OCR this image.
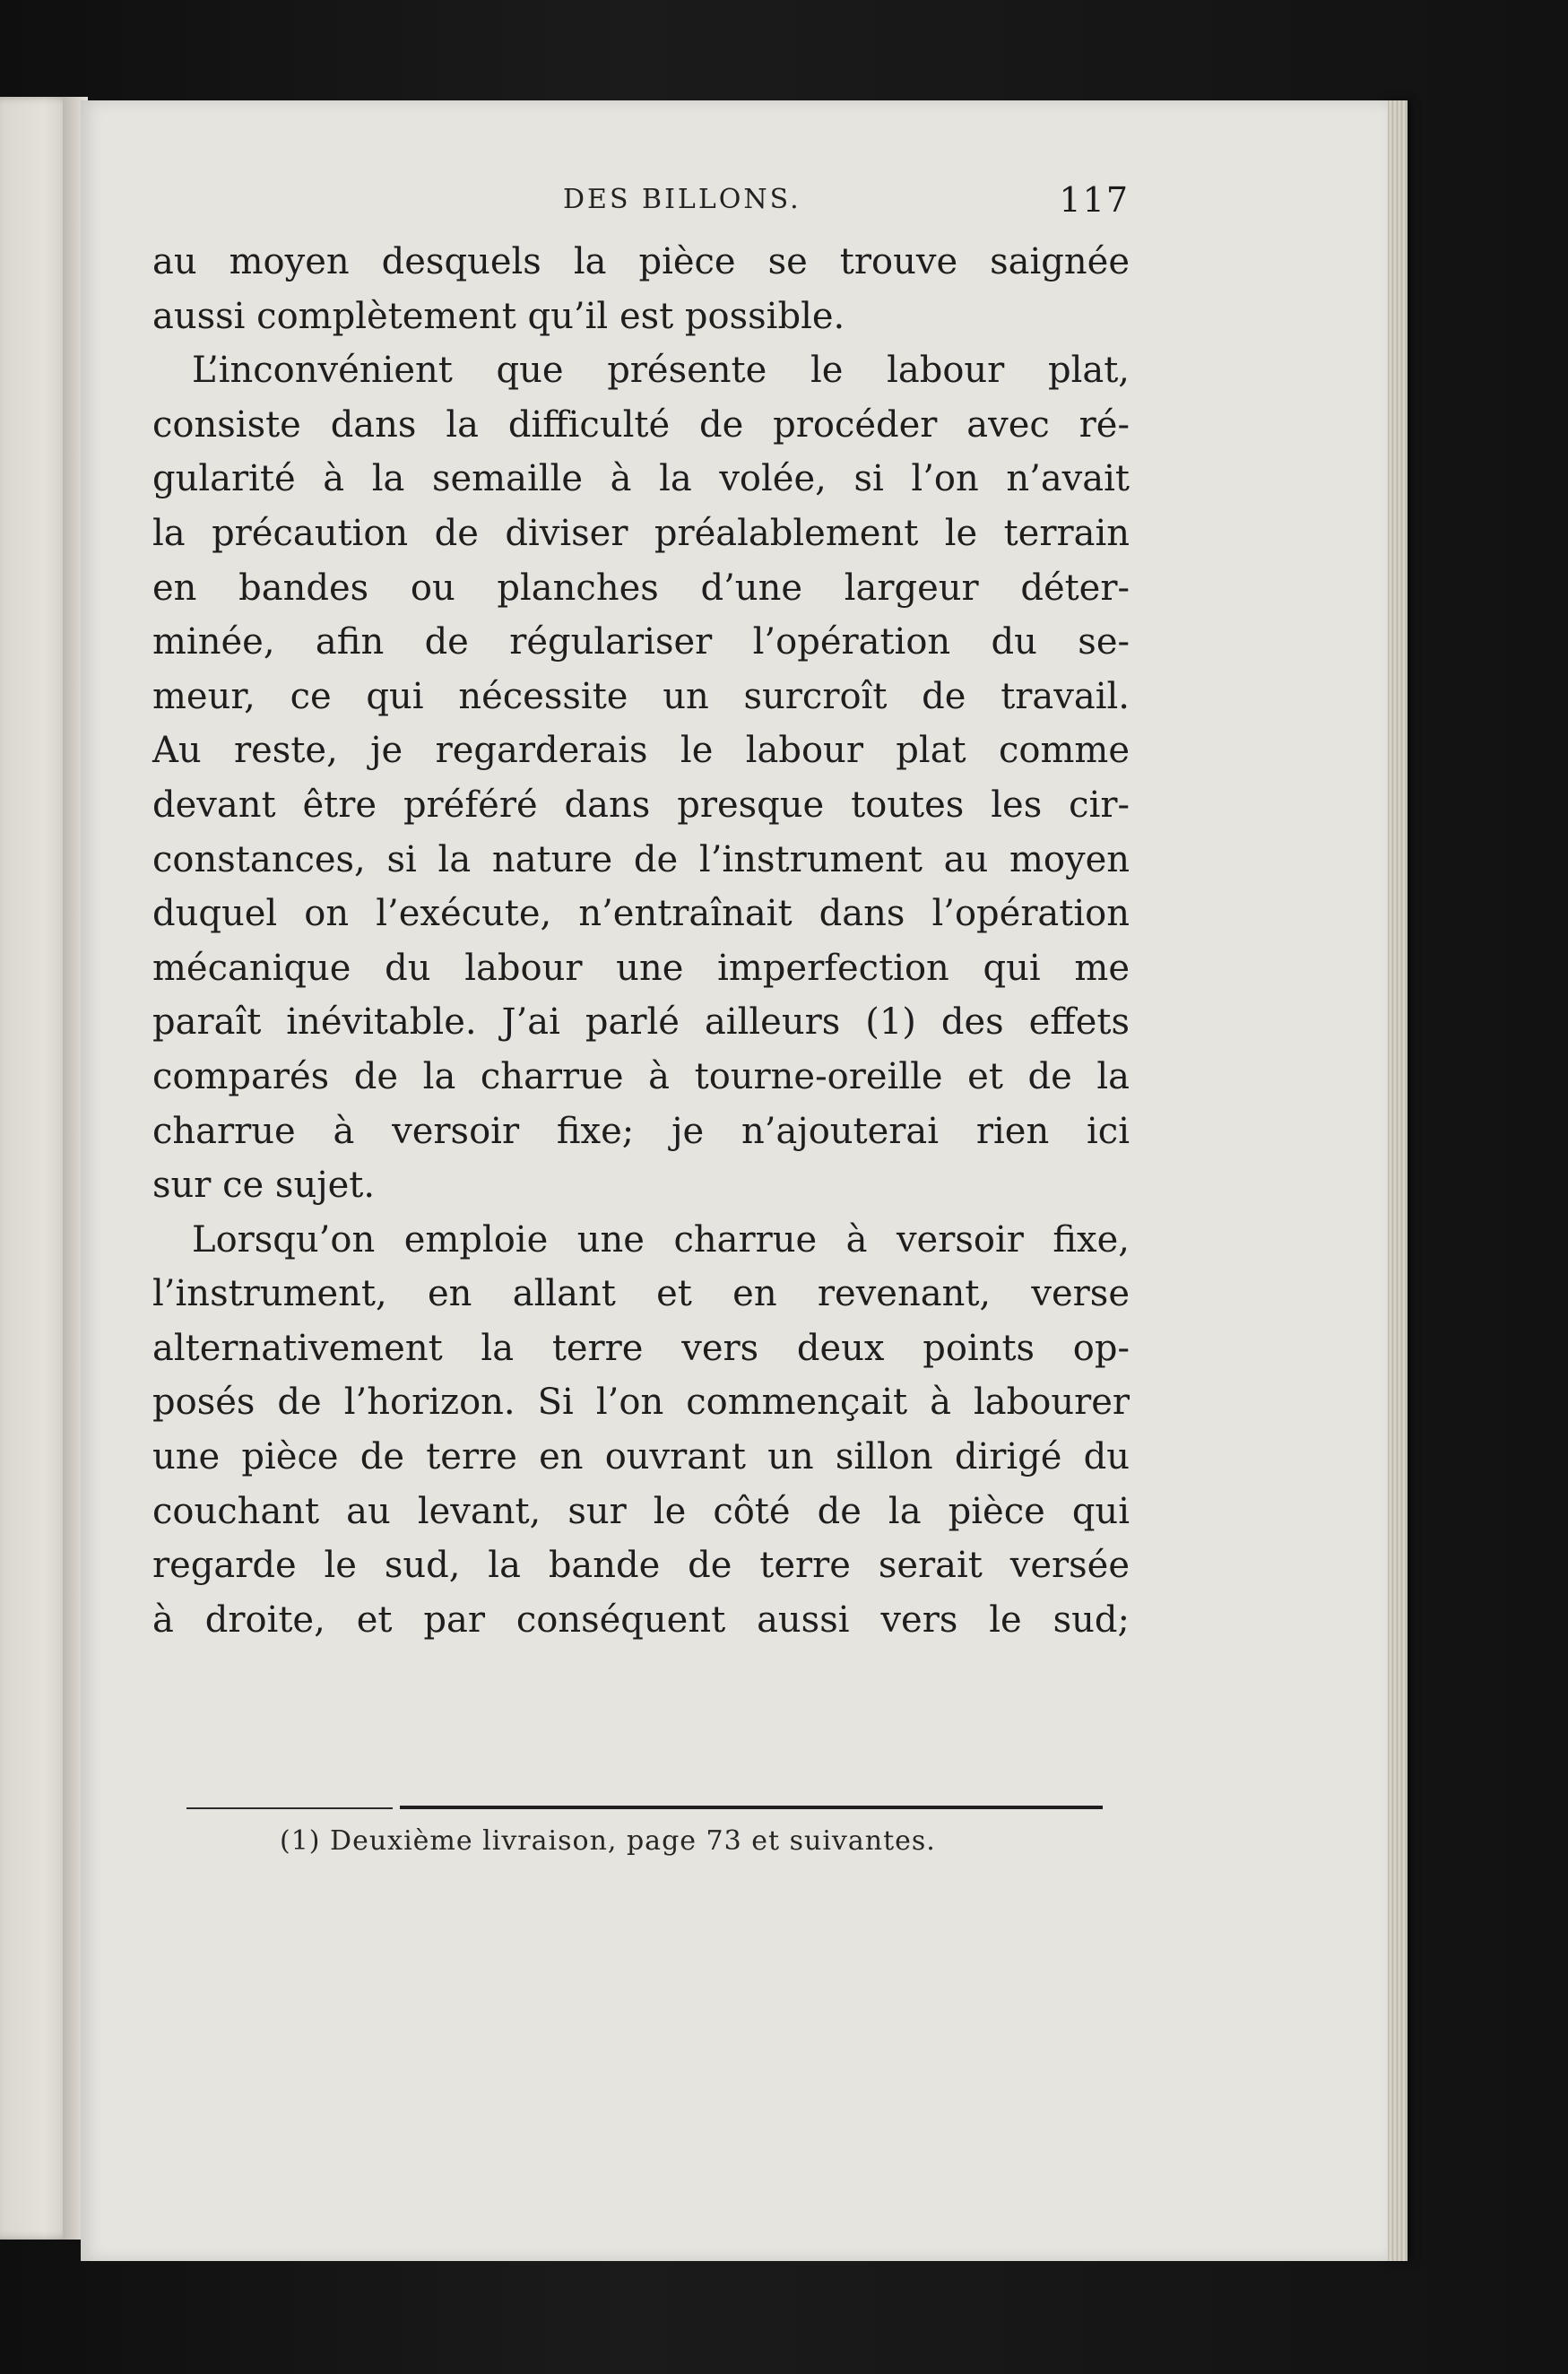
DES BILLONS.	117
au moyen desquels la pièce se trouve saignée
aussi complètement qu’il est possible.
L’inconvénient que présente le labour plat,
consiste dans la difficulté de procéder avec ré-
gularité à la semaille à la volée, si l’on n’avait
la précaution de diviser préalablement le terrain
en bandes ou planches d’une largeur déter-
minée, afin de régulariser l’opération du se-
meur, ce qui nécessite un surcroît de travail.
Au reste, je regarderais le labour plat comme
devant être préféré dans presque toutes les cir-
constances, si la nature de l’instrument au moyen
duquel on l’exécute, n’entraînait dans l’opération
mécanique du labour une imperfection qui me
paraît inévitable. J’ai parlé ailleurs (1) des effets
comparés de la charrue à tourne-oreille et de la
charrue à versoir fixe; je n’ajouterai rien ici
sur ce sujet.
Lorsqu’on emploie une charrue à versoir fixe,
l’instrument, en allant et en revenant, verse
alternativement la terre vers deux points op-
posés de l’horizon. Si l’on commençait à labourer
une pièce de terre en ouvrant un sillon dirigé du
couchant au levant, sur le côté de la pièce qui
regarde le sud, la bande de terre serait versée
à droite, et par conséquent aussi vers le sud;
(1) Deuxième livraison, page 73 et suivantes.
